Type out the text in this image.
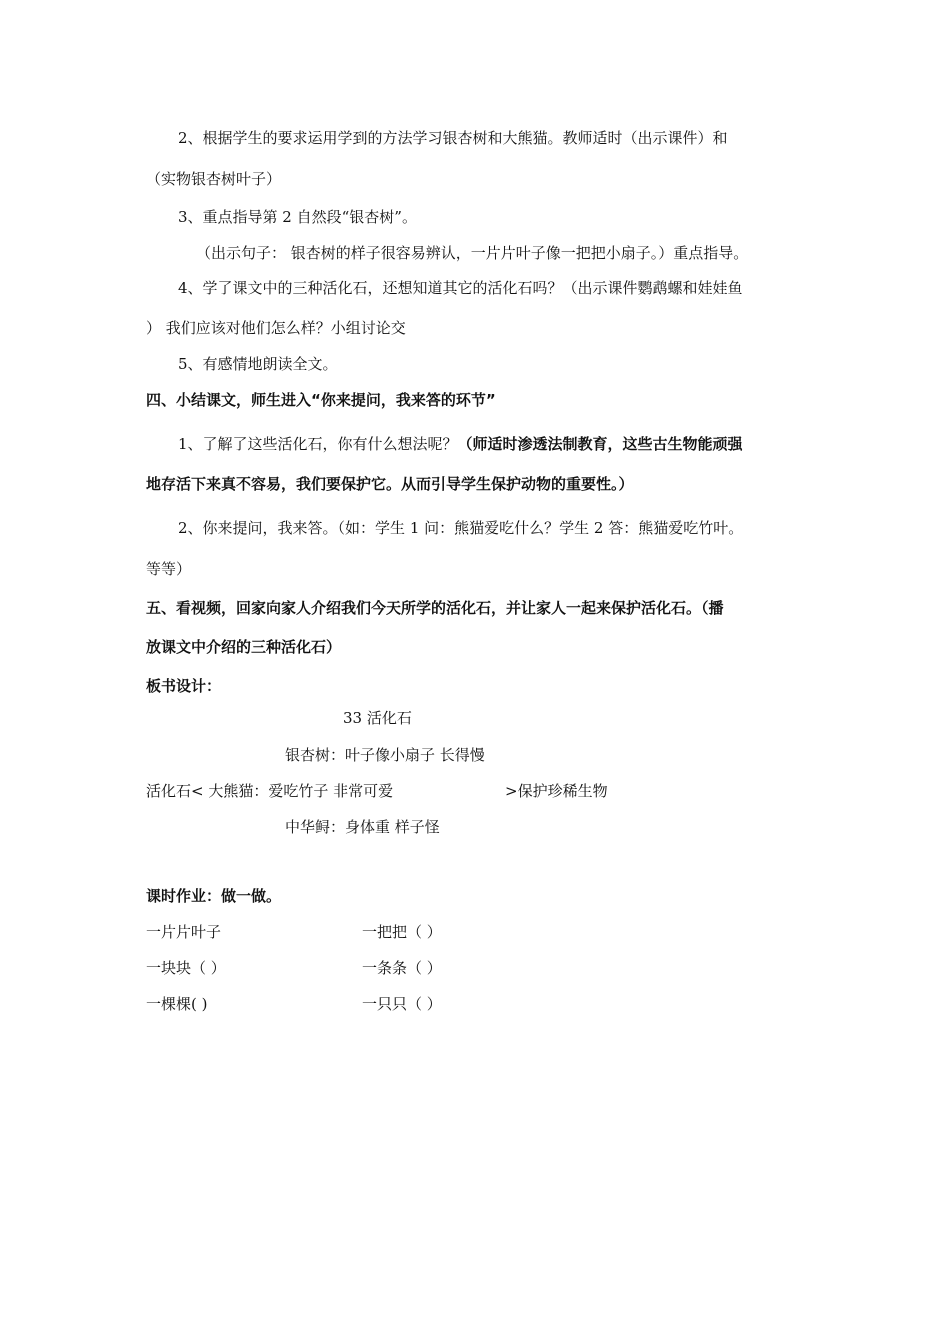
2、根据学生的要求运用学到的方法学习银杏树和大熊猫。教师适时（出示课件）和
（实物银杏树叶子）
3、重点指导第 2 自然段“银杏树”。
（出示句子： 银杏树的样子很容易辨认，一片片叶子像一把把小扇子。）重点指导。
4、学了课文中的三种活化石，还想知道其它的活化石吗？（出示课件鹦鹉螺和娃娃鱼
） 我们应该对他们怎么样？小组讨论交
5、有感情地朗读全文。
四、小结课文，师生进入“你来提问，我来答的环节”
1、了解了这些活化石，你有什么想法呢？（师适时渗透法制教育，这些古生物能顽强
地存活下来真不容易，我们要保护它。从而引导学生保护动物的重要性。）
2、你来提问，我来答。（如：学生 1 问：熊猫爱吃什么？学生 2 答：熊猫爱吃竹叶。
等等）
五、看视频，回家向家人介绍我们今天所学的活化石，并让家人一起来保护活化石。（播
放课文中介绍的三种活化石）
板书设计：
33 活化石
银杏树：叶子像小扇子 长得慢
活化石< 大熊猫：爱吃竹子 非常可爱	>保护珍稀生物
中华鲟：身体重 样子怪
课时作业：做一做。
一片片叶子	一把把（ ）
一块块（ ）	一条条（ ）
一棵棵( )	一只只（ ）
